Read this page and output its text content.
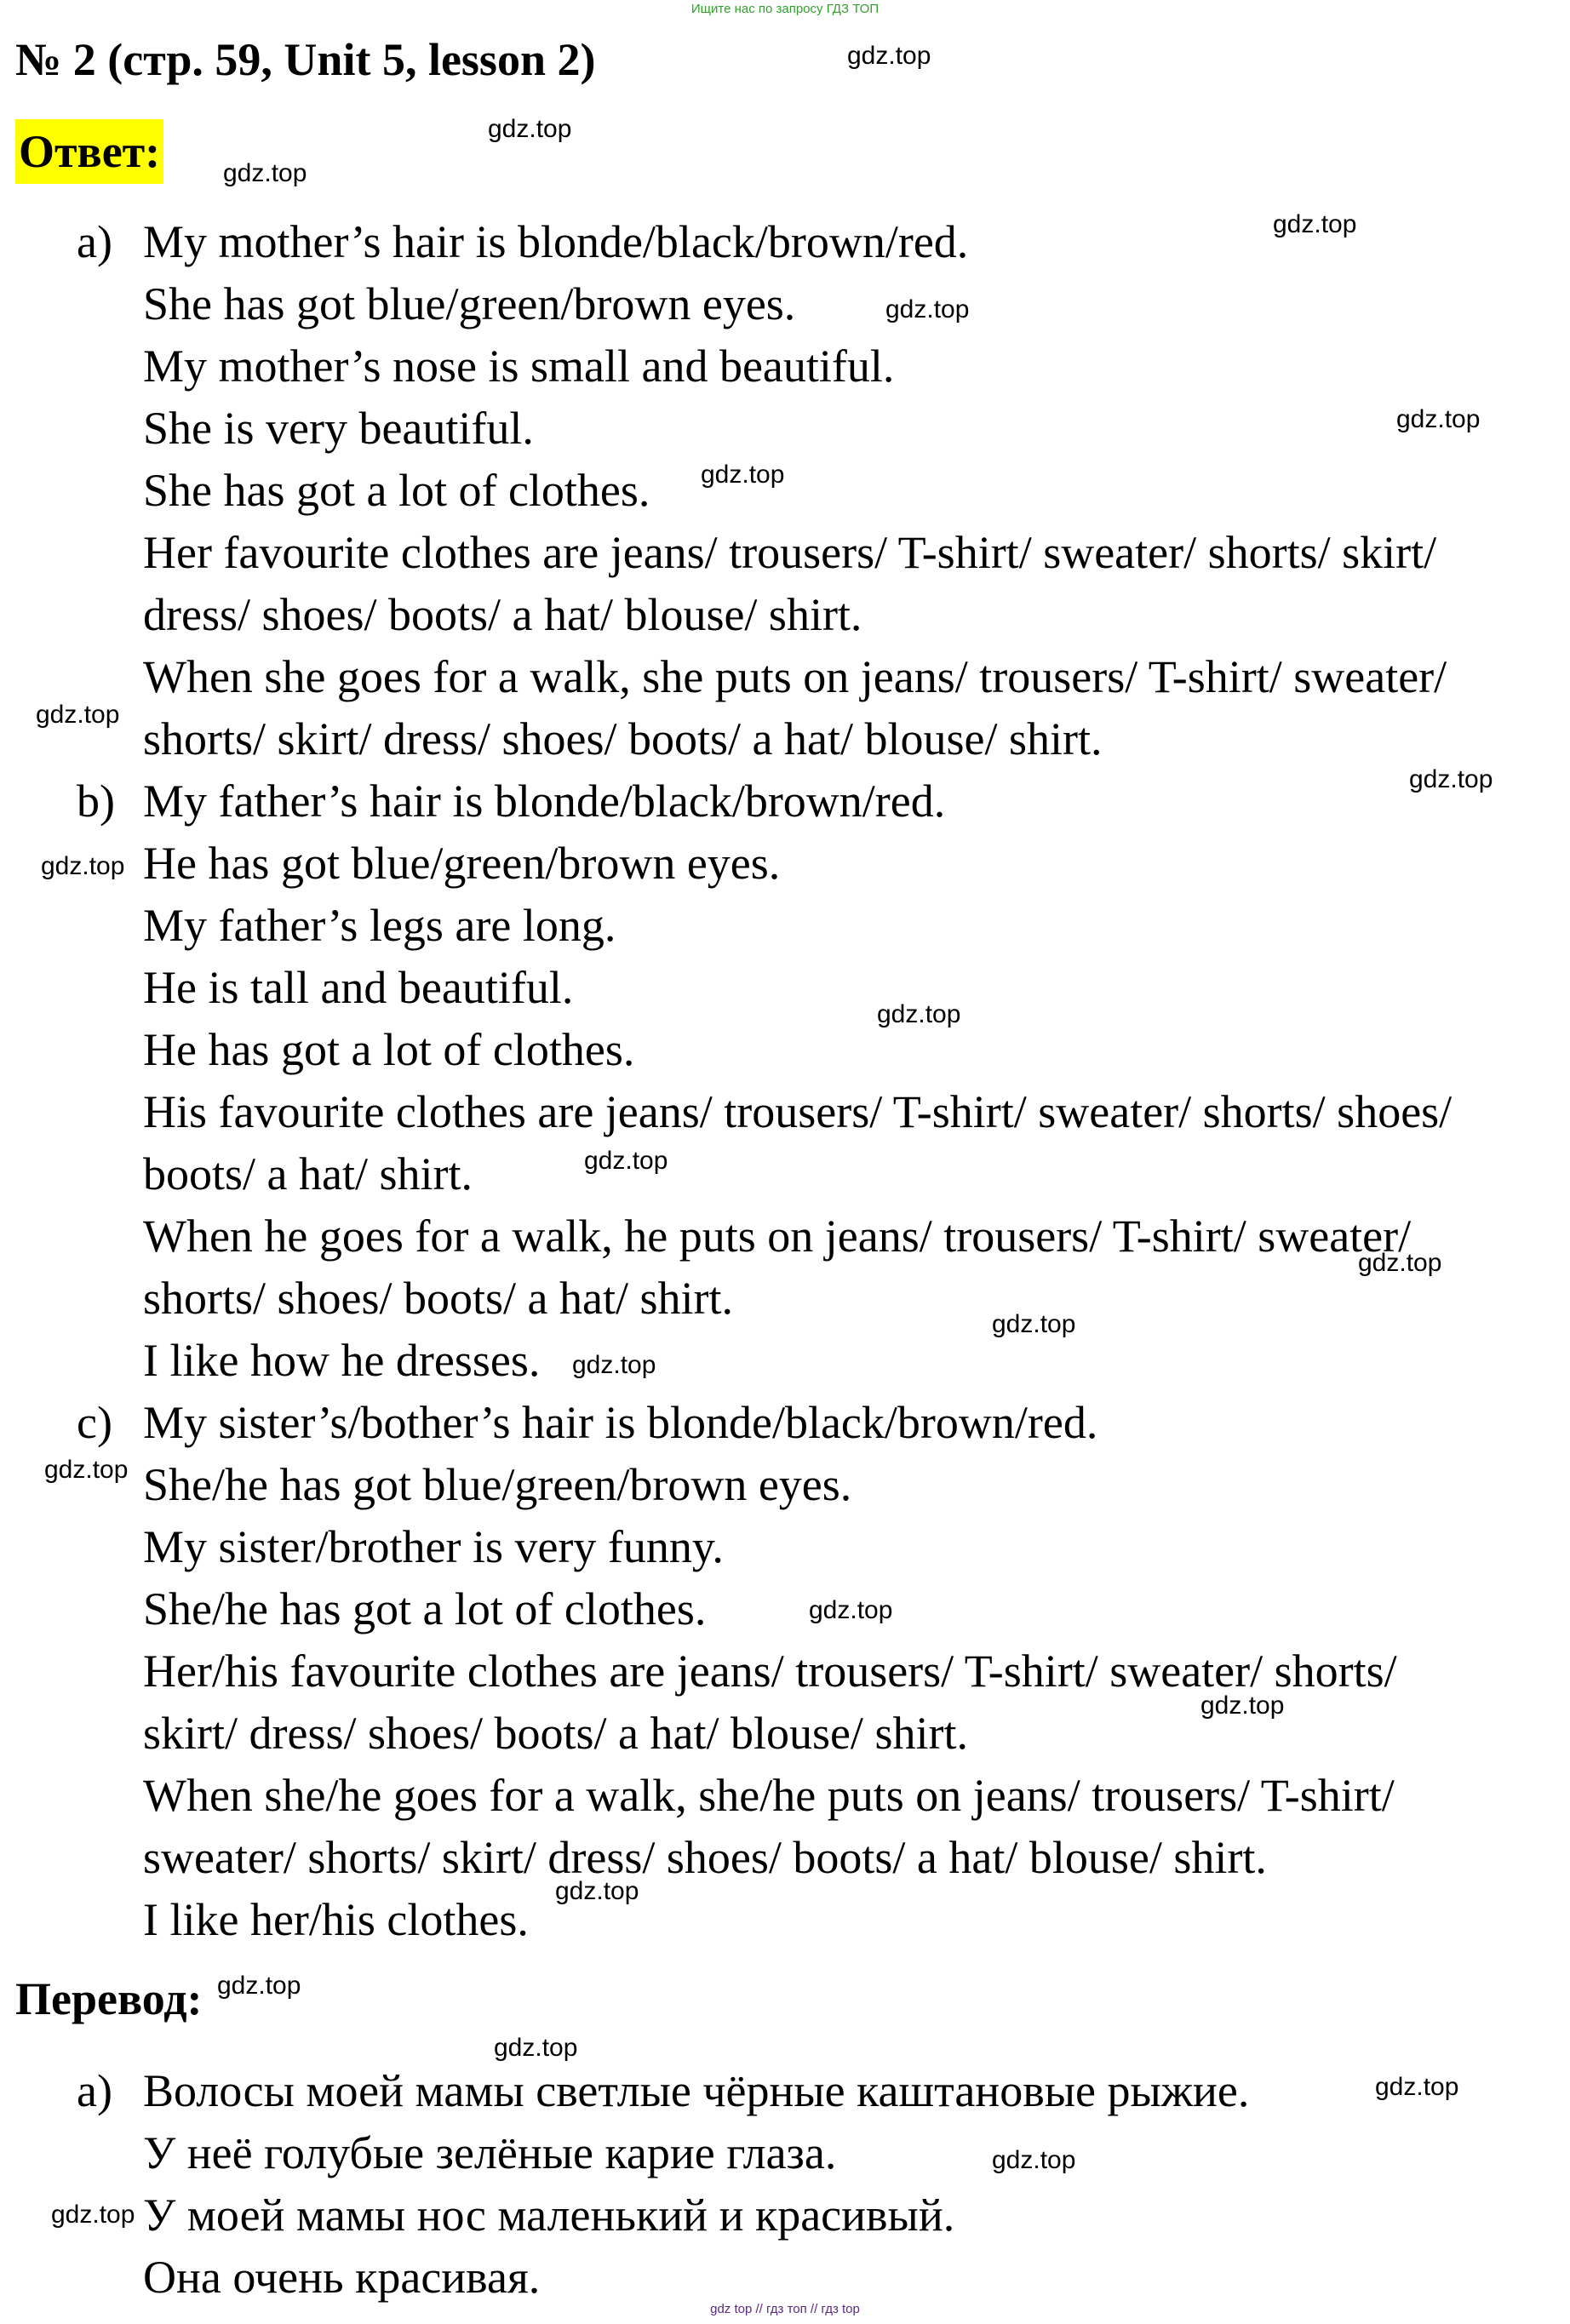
Ищите нас по запросу ГДЗ ТОП
№ 2 (стр. 59, Unit 5, lesson 2)
Ответ:
a) My mother’s hair is blonde/black/brown/red.
She has got blue/green/brown eyes.
My mother’s nose is small and beautiful.
She is very beautiful.
She has got a lot of clothes.
Her favourite clothes are jeans/ trousers/ T-shirt/ sweater/ shorts/ skirt/
dress/ shoes/ boots/ a hat/ blouse/ shirt.
When she goes for a walk, she puts on jeans/ trousers/ T-shirt/ sweater/
shorts/ skirt/ dress/ shoes/ boots/ a hat/ blouse/ shirt.
b) My father’s hair is blonde/black/brown/red.
He has got blue/green/brown eyes.
My father’s legs are long.
He is tall and beautiful.
He has got a lot of clothes.
His favourite clothes are jeans/ trousers/ T-shirt/ sweater/ shorts/ shoes/
boots/ a hat/ shirt.
When he goes for a walk, he puts on jeans/ trousers/ T-shirt/ sweater/
shorts/ shoes/ boots/ a hat/ shirt.
I like how he dresses.
c) My sister’s/bother’s hair is blonde/black/brown/red.
She/he has got blue/green/brown eyes.
My sister/brother is very funny.
She/he has got a lot of clothes.
Her/his favourite clothes are jeans/ trousers/ T-shirt/ sweater/ shorts/
skirt/ dress/ shoes/ boots/ a hat/ blouse/ shirt.
When she/he goes for a walk, she/he puts on jeans/ trousers/ T-shirt/
sweater/ shorts/ skirt/ dress/ shoes/ boots/ a hat/ blouse/ shirt.
I like her/his clothes.
Перевод:
а) Волосы моей мамы светлые чёрные каштановые рыжие.
У неё голубые зелёные карие глаза.
У моей мамы нос маленький и красивый.
Она очень красивая.
gdz.top
gdz.top
gdz.top
gdz.top
gdz.top
gdz.top
gdz.top
gdz.top
gdz.top
gdz.top
gdz.top
gdz.top
gdz.top
gdz.top
gdz.top
gdz.top
gdz.top
gdz.top
gdz.top
gdz.top
gdz.top
gdz.top
gdz.top
gdz.top
gdz top // гдз топ // гдз top
